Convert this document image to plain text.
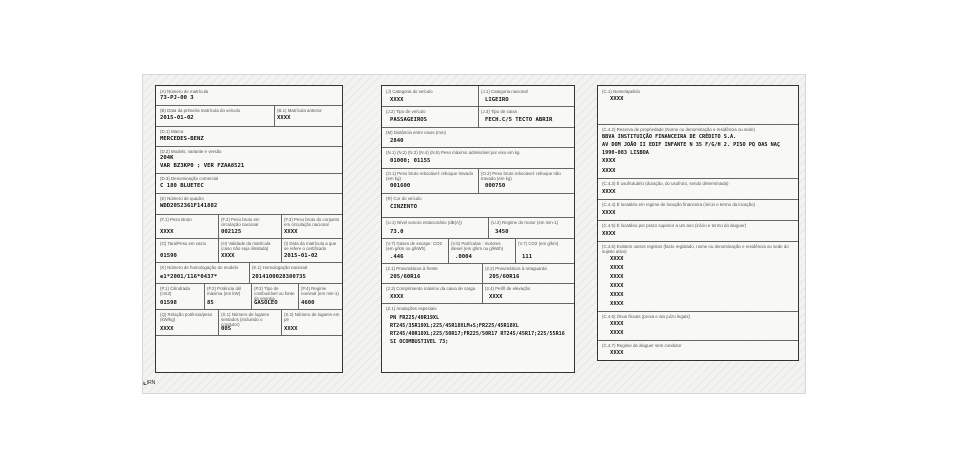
(A) Número de matrícula
73-PJ-00 3
(B) Data da primeira matrícula do veículo
2015-01-02
(B.1) Matrícula anterior
XXXX
(D.1) Marca
MERCEDES-BENZ
(D.2) Modelo, variante e versão
204K
VAR BZ3KP0 ; VER FZAA8521
(D.3) Denominação comercial
C 180 BLUETEC
(E) Número de quadro
WDD2052361F141882
(F.1) Peso Bruto
XXXX
(F.2) Peso bruto em circulação nacional
002125
(F.3) Peso bruto do conjunto em circulação nacional
XXXX
(G) Tara/Peso em vazio
01590
(H) Validade da matrícula (caso não seja ilimitada)
XXXX
(I) Data da matrícula a que se refere o certificado
2015-01-02
(K) Número de homologação do modelo
e1*2001/116*0437*
(K.1) Homologação nacional
2014100028380735
(P.1) Cilindrada (cm3)
01598
(P.2) Potência útil máxima (em kW)
85
(P.3) Tipo de combustível ou fonte de energia
GASOLEO
(P.4) Regime nominal (em min-1)
4600
(Q) Relação potência/peso (kW/kg)
XXXX
(S.1) Número de lugares sentados (incluindo o condutor)
005
(S.2) Número de lugares em pé
XXXX
⌞IRN
(J) Categoria do veículo
XXXX
(J.1) Categoria nacional
LIGEIRO
(J.2) Tipo de veículo
PASSAGEIROS
(J.3) Tipo de caixa
FECH.C/5 TECTO ABRIR
(M) Distância entre eixos (mm)
2840
(N.1) (N.2) (N.3) (N.4) (N.5) Peso máximo admissível por eixo em kg
01000; 01155
(O.1) Peso bruto rebocável: reboque travado (em kg)
001600
(O.2) Peso bruto rebocável: reboque não travado (em kg)
000750
(R) Cor do veículo
CINZENTO
(U.1) Nível sonoro estacionário (dB(A))
73.0
(U.2) Regime do motor (em min-1)
3450
(V.7) Gases de escape: CO2 (em g/km ou g/kWh)
.446
(V.5) Partículas - motores diesel (em g/km ou g/kWh)
.0004
(V.7) CO2 (em g/km)
111
(2.1) Pneumáticos à frente
205/60R16
(2.2) Pneumáticos à retaguarda
205/60R16
(2.3) Comprimento máximo da caixa de carga
XXXX
(2.4) Perfil de elevação
XXXX
(Z.1) Anotações especiais
PN FR225/40R19XL RT245/35R19XL;225/45R18XLM+S;FR225/45R18XL RT245/40R18XL;225/50R17;FR225/50R17 RT245/45R17;225/55R16 SI OCOMBUSTIVEL 73;
(C.1) Nome/apelido
XXXX
(C.4.2) Reserva de propriedade (Nome ou denominação e residência ou sede)
BBVA INSTITUIÇÃO FINANCEIRA DE CRÉDITO S.A.
AV DOM JOÃO II EDIF INFANTE N 35 F/G/H 2. PISO PQ DAS NAÇ
1990-083 LISBOA
XXXX
XXXX
(C.4.3) É usufrutuário (duração, do usufruto, sendo determinada)
XXXX
(C.4.4) É locatário em regime de locação financeira (início e termo da locação)
XXXX
(C.4.5) É locatário por prazo superior a um ano (início e termo do aluguer)
XXXX
(C.4.6) Existem outros registos (facto registado, nome ou denominação e residência ou sede do sujeito ativo)
XXXX
XXXX
XXXX
XXXX
XXXX
XXXX
(C.4.6) Ónus fiscais (prova e ato juízo legais)
XXXX
XXXX
(C.4.7) Regime de aluguer sem condutor
XXXX
